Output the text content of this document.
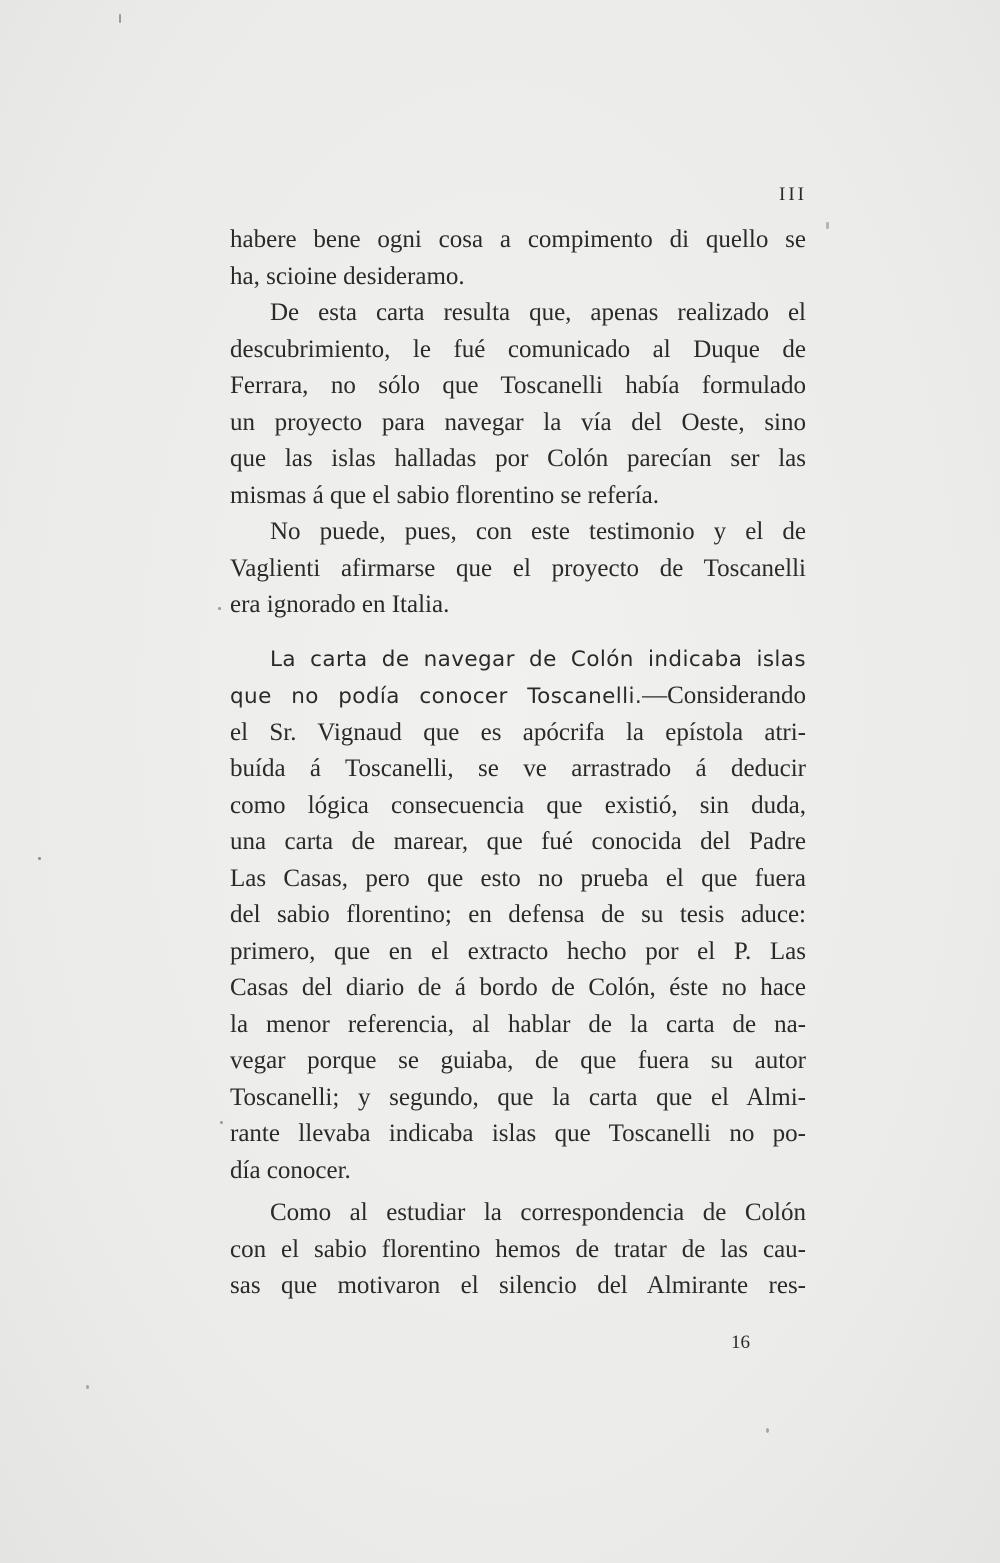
III
habere bene ogni cosa a compimento di quello se
ha, scioine desideramo.
De esta carta resulta que, apenas realizado el
descubrimiento, le fué comunicado al Duque de
Ferrara, no sólo que Toscanelli había formulado
un proyecto para navegar la vía del Oeste, sino
que las islas halladas por Colón parecían ser las
mismas á que el sabio florentino se refería.
No puede, pues, con este testimonio y el de
Vaglienti afirmarse que el proyecto de Toscanelli
era ignorado en Italia.
La carta de navegar de Colón indicaba islas
que no podía conocer Toscanelli.—Considerando
el Sr. Vignaud que es apócrifa la epístola atri-
buída á Toscanelli, se ve arrastrado á deducir
como lógica consecuencia que existió, sin duda,
una carta de marear, que fué conocida del Padre
Las Casas, pero que esto no prueba el que fuera
del sabio florentino; en defensa de su tesis aduce:
primero, que en el extracto hecho por el P. Las
Casas del diario de á bordo de Colón, éste no hace
la menor referencia, al hablar de la carta de na-
vegar porque se guiaba, de que fuera su autor
Toscanelli; y segundo, que la carta que el Almi-
rante llevaba indicaba islas que Toscanelli no po-
día conocer.
Como al estudiar la correspondencia de Colón
con el sabio florentino hemos de tratar de las cau-
sas que motivaron el silencio del Almirante res-
16
